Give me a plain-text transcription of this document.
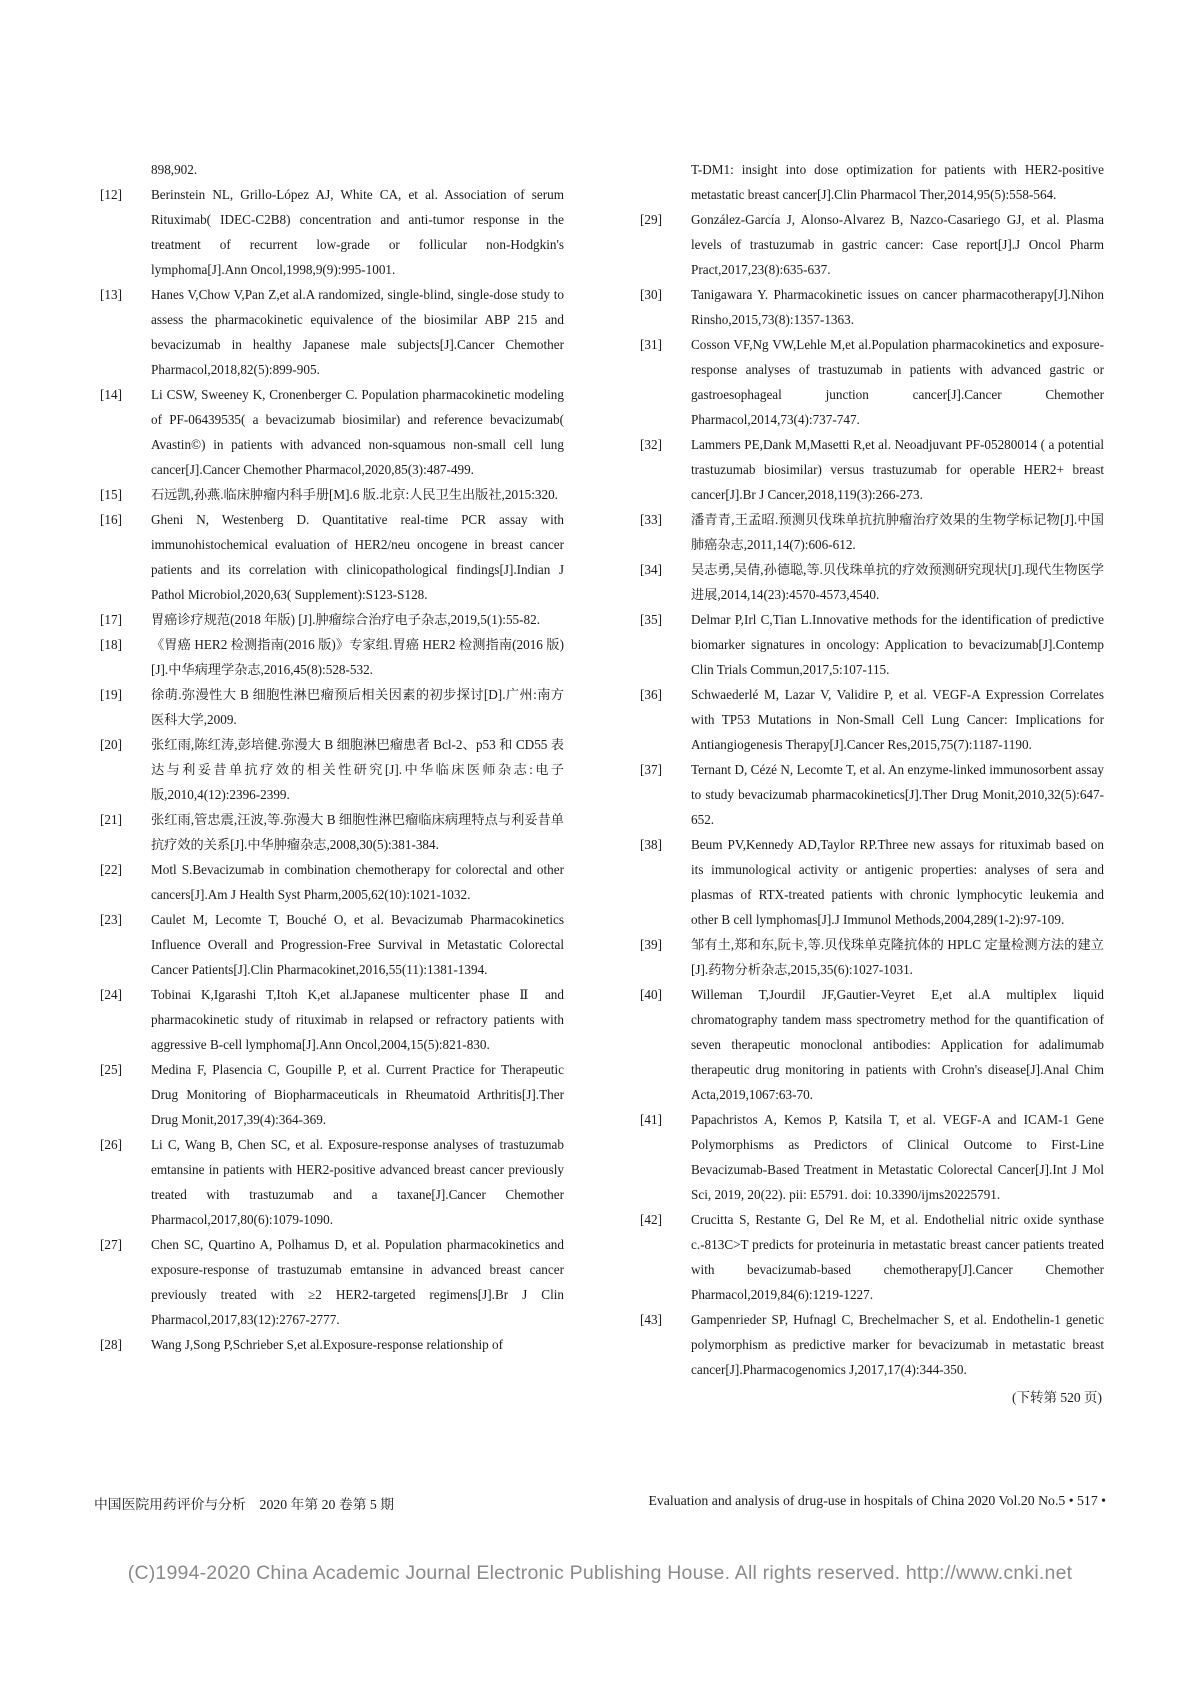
898,902.
[12] Berinstein NL, Grillo-López AJ, White CA, et al. Association of serum Rituximab( IDEC-C2B8) concentration and anti-tumor response in the treatment of recurrent low-grade or follicular non-Hodgkin's lymphoma[J].Ann Oncol,1998,9(9):995-1001.
[13] Hanes V,Chow V,Pan Z,et al.A randomized, single-blind, single-dose study to assess the pharmacokinetic equivalence of the biosimilar ABP 215 and bevacizumab in healthy Japanese male subjects[J].Cancer Chemother Pharmacol,2018,82(5):899-905.
[14] Li CSW, Sweeney K, Cronenberger C. Population pharmacokinetic modeling of PF-06439535( a bevacizumab biosimilar) and reference bevacizumab( Avastin©) in patients with advanced non-squamous non-small cell lung cancer[J].Cancer Chemother Pharmacol,2020,85(3):487-499.
[15] 石远凯,孙燕.临床肿瘤内科手册[M].6 版.北京:人民卫生出版社,2015:320.
[16] Gheni N, Westenberg D. Quantitative real-time PCR assay with immunohistochemical evaluation of HER2/neu oncogene in breast cancer patients and its correlation with clinicopathological findings[J].Indian J Pathol Microbiol,2020,63( Supplement):S123-S128.
[17] 胃癌诊疗规范(2018 年版) [J].肿瘤综合治疗电子杂志,2019,5(1):55-82.
[18] 《胃癌 HER2 检测指南(2016 版)》专家组.胃癌 HER2 检测指南(2016 版) [J].中华病理学杂志,2016,45(8):528-532.
[19] 徐萌.弥漫性大 B 细胞性淋巴瘤预后相关因素的初步探讨[D].广州:南方医科大学,2009.
[20] 张红雨,陈红涛,彭培健.弥漫大 B 细胞淋巴瘤患者 Bcl-2、p53 和 CD55 表达与利妥昔单抗疗效的相关性研究[J].中华临床医师杂志:电子版,2010,4(12):2396-2399.
[21] 张红雨,管忠震,汪波,等.弥漫大 B 细胞性淋巴瘤临床病理特点与利妥昔单抗疗效的关系[J].中华肿瘤杂志,2008,30(5):381-384.
[22] Motl S.Bevacizumab in combination chemotherapy for colorectal and other cancers[J].Am J Health Syst Pharm,2005,62(10):1021-1032.
[23] Caulet M, Lecomte T, Bouché O, et al. Bevacizumab Pharmacokinetics Influence Overall and Progression-Free Survival in Metastatic Colorectal Cancer Patients[J].Clin Pharmacokinet,2016,55(11):1381-1394.
[24] Tobinai K,Igarashi T,Itoh K,et al.Japanese multicenter phase Ⅱ and pharmacokinetic study of rituximab in relapsed or refractory patients with aggressive B-cell lymphoma[J].Ann Oncol,2004,15(5):821-830.
[25] Medina F, Plasencia C, Goupille P, et al. Current Practice for Therapeutic Drug Monitoring of Biopharmaceuticals in Rheumatoid Arthritis[J].Ther Drug Monit,2017,39(4):364-369.
[26] Li C, Wang B, Chen SC, et al. Exposure-response analyses of trastuzumab emtansine in patients with HER2-positive advanced breast cancer previously treated with trastuzumab and a taxane[J].Cancer Chemother Pharmacol,2017,80(6):1079-1090.
[27] Chen SC, Quartino A, Polhamus D, et al. Population pharmacokinetics and exposure-response of trastuzumab emtansine in advanced breast cancer previously treated with ≥2 HER2-targeted regimens[J].Br J Clin Pharmacol,2017,83(12):2767-2777.
[28] Wang J,Song P,Schrieber S,et al.Exposure-response relationship of
T-DM1: insight into dose optimization for patients with HER2-positive metastatic breast cancer[J].Clin Pharmacol Ther,2014,95(5):558-564.
[29] González-García J, Alonso-Alvarez B, Nazco-Casariego GJ, et al. Plasma levels of trastuzumab in gastric cancer: Case report[J].J Oncol Pharm Pract,2017,23(8):635-637.
[30] Tanigawara Y. Pharmacokinetic issues on cancer pharmacotherapy[J].Nihon Rinsho,2015,73(8):1357-1363.
[31] Cosson VF,Ng VW,Lehle M,et al.Population pharmacokinetics and exposure-response analyses of trastuzumab in patients with advanced gastric or gastroesophageal junction cancer[J].Cancer Chemother Pharmacol,2014,73(4):737-747.
[32] Lammers PE,Dank M,Masetti R,et al. Neoadjuvant PF-05280014 ( a potential trastuzumab biosimilar) versus trastuzumab for operable HER2+ breast cancer[J].Br J Cancer,2018,119(3):266-273.
[33] 潘青青,王孟昭.预测贝伐珠单抗抗肿瘤治疗效果的生物学标记物[J].中国肺癌杂志,2011,14(7):606-612.
[34] 吴志勇,吴倩,孙德聪,等.贝伐珠单抗的疗效预测研究现状[J].现代生物医学进展,2014,14(23):4570-4573,4540.
[35] Delmar P,Irl C,Tian L.Innovative methods for the identification of predictive biomarker signatures in oncology: Application to bevacizumab[J].Contemp Clin Trials Commun,2017,5:107-115.
[36] Schwaederlé M, Lazar V, Validire P, et al. VEGF-A Expression Correlates with TP53 Mutations in Non-Small Cell Lung Cancer: Implications for Antiangiogenesis Therapy[J].Cancer Res,2015,75(7):1187-1190.
[37] Ternant D, Cézé N, Lecomte T, et al. An enzyme-linked immunosorbent assay to study bevacizumab pharmacokinetics[J].Ther Drug Monit,2010,32(5):647-652.
[38] Beum PV,Kennedy AD,Taylor RP.Three new assays for rituximab based on its immunological activity or antigenic properties: analyses of sera and plasmas of RTX-treated patients with chronic lymphocytic leukemia and other B cell lymphomas[J].J Immunol Methods,2004,289(1-2):97-109.
[39] 邹有土,郑和东,阮卡,等.贝伐珠单克隆抗体的 HPLC 定量检测方法的建立[J].药物分析杂志,2015,35(6):1027-1031.
[40] Willeman T,Jourdil JF,Gautier-Veyret E,et al.A multiplex liquid chromatography tandem mass spectrometry method for the quantification of seven therapeutic monoclonal antibodies: Application for adalimumab therapeutic drug monitoring in patients with Crohn's disease[J].Anal Chim Acta,2019,1067:63-70.
[41] Papachristos A, Kemos P, Katsila T, et al. VEGF-A and ICAM-1 Gene Polymorphisms as Predictors of Clinical Outcome to First-Line Bevacizumab-Based Treatment in Metastatic Colorectal Cancer[J].Int J Mol Sci, 2019, 20(22). pii: E5791. doi: 10.3390/ijms20225791.
[42] Crucitta S, Restante G, Del Re M, et al. Endothelial nitric oxide synthase c.-813C>T predicts for proteinuria in metastatic breast cancer patients treated with bevacizumab-based chemotherapy[J].Cancer Chemother Pharmacol,2019,84(6):1219-1227.
[43] Gampenrieder SP, Hufnagl C, Brechelmacher S, et al. Endothelin-1 genetic polymorphism as predictive marker for bevacizumab in metastatic breast cancer[J].Pharmacogenomics J,2017,17(4):344-350.
(下转第 520 页)
中国医院用药评价与分析　2020 年第 20 卷第 5 期	Evaluation and analysis of drug-use in hospitals of China 2020 Vol.20 No.5 • 517 •
(C)1994-2020 China Academic Journal Electronic Publishing House. All rights reserved. http://www.cnki.net
